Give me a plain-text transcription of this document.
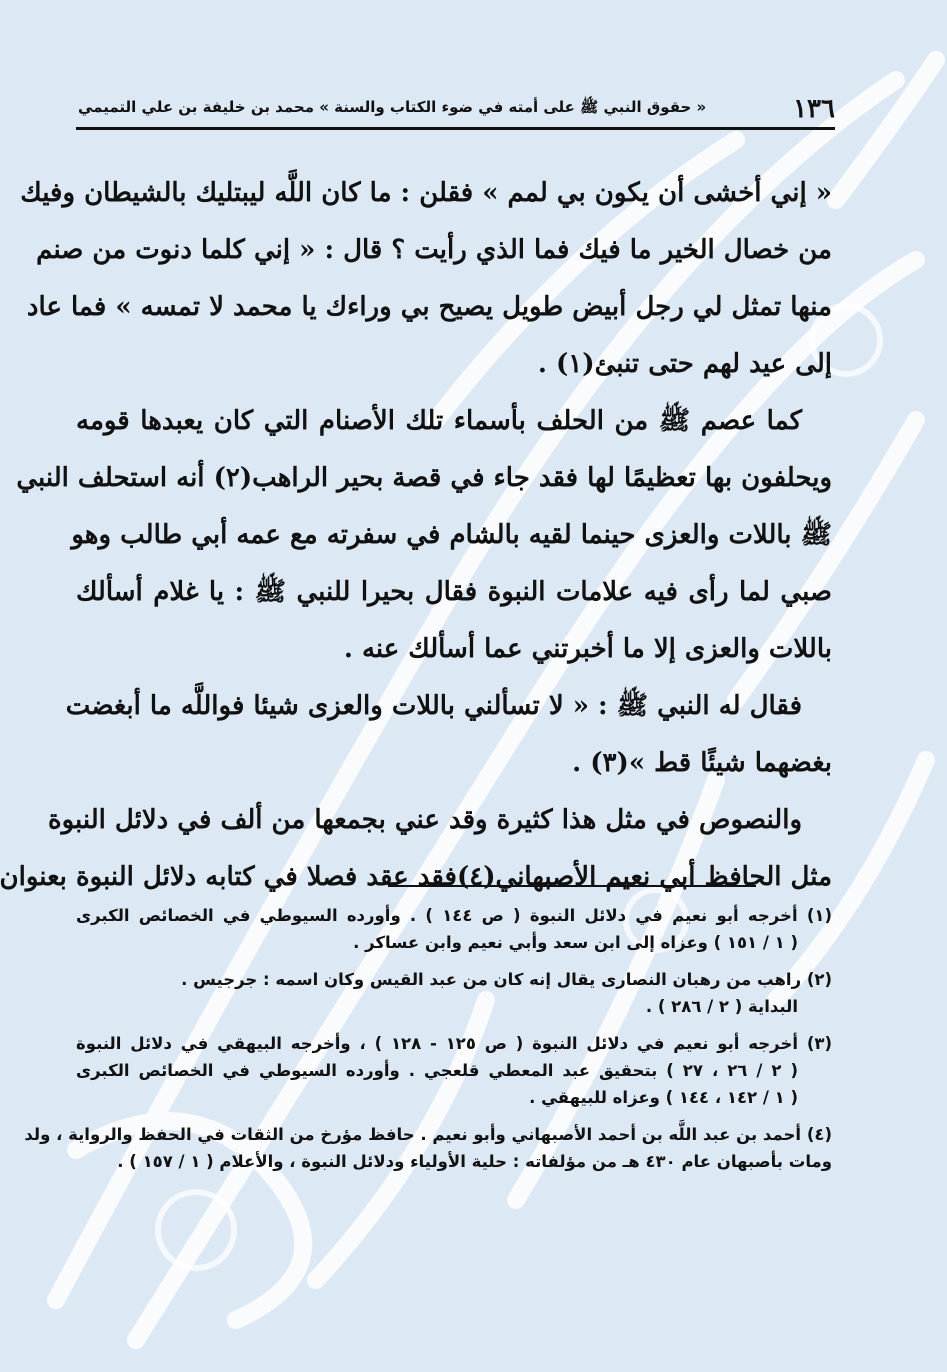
١٣٦
« حقوق النبي ﷺ على أمته في ضوء الكتاب والسنة » محمد بن خليفة بن علي التميمي
« إني أخشى أن يكون بي لمم » فقلن : ما كان اللَّه ليبتليك بالشيطان وفيك
من خصال الخير ما فيك فما الذي رأيت ؟ قال : « إني كلما دنوت من صنم
منها تمثل لي رجل أبيض طويل يصيح بي وراءك يا محمد لا تمسه » فما عاد
إلى عيد لهم حتى تنبئ(١) .
كما عصم ﷺ من الحلف بأسماء تلك الأصنام التي كان يعبدها قومه
ويحلفون بها تعظيمًا لها فقد جاء في قصة بحير الراهب(٢) أنه استحلف النبي
ﷺ باللات والعزى حينما لقيه بالشام في سفرته مع عمه أبي طالب وهو
صبي لما رأى فيه علامات النبوة فقال بحيرا للنبي ﷺ : يا غلام أسألك
باللات والعزى إلا ما أخبرتني عما أسألك عنه .
فقال له النبي ﷺ : « لا تسألني باللات والعزى شيئا فواللَّه ما أبغضت
بغضهما شيئًا قط »(٣) .
والنصوص في مثل هذا كثيرة وقد عني بجمعها من ألف في دلائل النبوة
مثل الحافظ أبي نعيم الأصبهاني(٤)فقد عقد فصلا في كتابه دلائل النبوة بعنوان
(١) أخرجه أبو نعيم في دلائل النبوة ( ص ١٤٤ ) . وأورده السيوطي في الخصائص الكبرى
( ١ / ١٥١ ) وعزاه إلى ابن سعد وأبي نعيم وابن عساكر .
(٢) راهب من رهبان النصارى يقال إنه كان من عبد القيس وكان اسمه : جرجيس .
البداية ( ٢ / ٢٨٦ ) .
(٣) أخرجه أبو نعيم في دلائل النبوة ( ص ١٢٥ - ١٢٨ ) ، وأخرجه البيهقي في دلائل النبوة
( ٢ / ٢٦ ، ٢٧ ) بتحقيق عبد المعطي قلعجي . وأورده السيوطي في الخصائص الكبرى
( ١ / ١٤٢ ، ١٤٤ ) وعزاه للبيهقي .
(٤) أحمد بن عبد اللَّه بن أحمد الأصبهاني وأبو نعيم . حافظ مؤرخ من الثقات في الحفظ والرواية ، ولد
ومات بأصبهان عام ٤٣٠ هـ من مؤلفاته : حلية الأولياء ودلائل النبوة ، والأعلام ( ١ / ١٥٧ ) .
